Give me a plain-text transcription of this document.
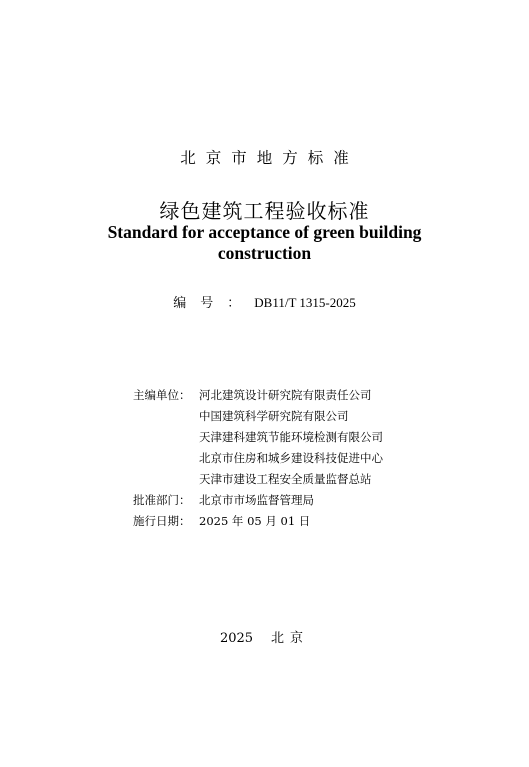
北京市地方标准
绿色建筑工程验收标准
Standard for acceptance of green building
construction
编号：DB11/T 1315-2025
主编单位： 河北建筑设计研究院有限责任公司
中国建筑科学研究院有限公司
天津建科建筑节能环境检测有限公司
北京市住房和城乡建设科技促进中心
天津市建设工程安全质量监督总站
批准部门： 北京市市场监督管理局
施行日期： 2025 年 05 月 01 日
2025 北京
